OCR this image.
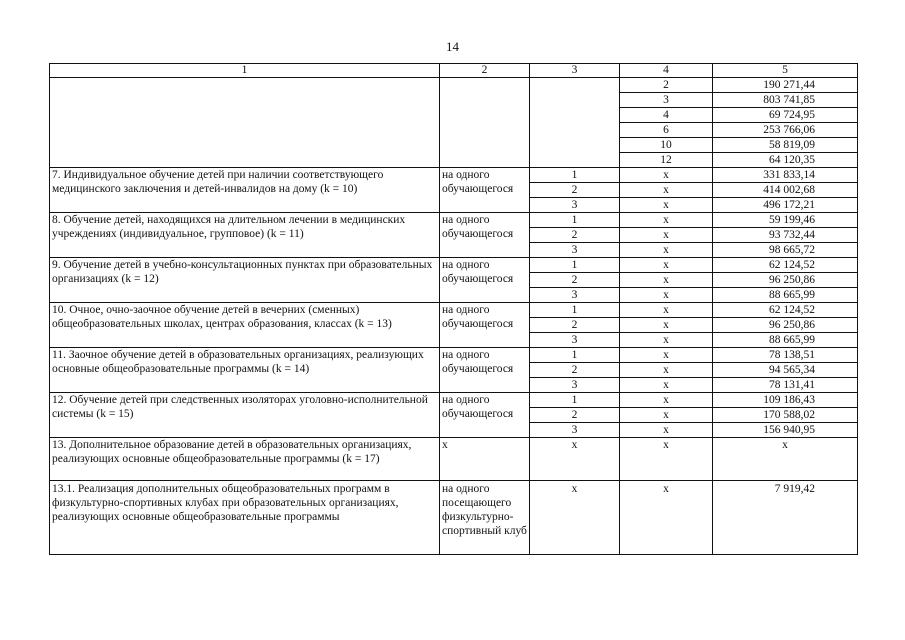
14
1	2	3	4	5
			2	190 271,44
			3	803 741,85
			4	69 724,95
			6	253 766,06
			10	58 819,09
			12	64 120,35
7. Индивидуальное обучение детей при наличии соответствующего медицинского заключения и детей-инвалидов на дому (k = 10)	на одного обучающегося	1	x	331 833,14
		2	x	414 002,68
		3	x	496 172,21
8. Обучение детей, находящихся на длительном лечении в медицинских учреждениях (индивидуальное, групповое) (k = 11)	на одного обучающегося	1	x	59 199,46
		2	x	93 732,44
		3	x	98 665,72
9. Обучение детей в учебно-консультационных пунктах при образовательных организациях (k = 12)	на одного обучающегося	1	x	62 124,52
		2	x	96 250,86
		3	x	88 665,99
10. Очное, очно-заочное обучение детей в вечерних (сменных) общеобразовательных школах, центрах образования, классах (k = 13)	на одного обучающегося	1	x	62 124,52
		2	x	96 250,86
		3	x	88 665,99
11. Заочное обучение детей в образовательных организациях, реализующих основные общеобразовательные программы (k = 14)	на одного обучающегося	1	x	78 138,51
		2	x	94 565,34
		3	x	78 131,41
12. Обучение детей при следственных изоляторах уголовно-исполнительной системы (k = 15)	на одного обучающегося	1	x	109 186,43
		2	x	170 588,02
		3	x	156 940,95
13. Дополнительное образование детей в образовательных организациях, реализующих основные общеобразовательные программы (k = 17)	x	x	x	x
13.1. Реализация дополнительных общеобразовательных программ в физкультурно-спортивных клубах при образовательных организациях, реализующих основные общеобразовательные программы	на одного посещающего физкультурно-спортивный клуб	x	x	7 919,42
